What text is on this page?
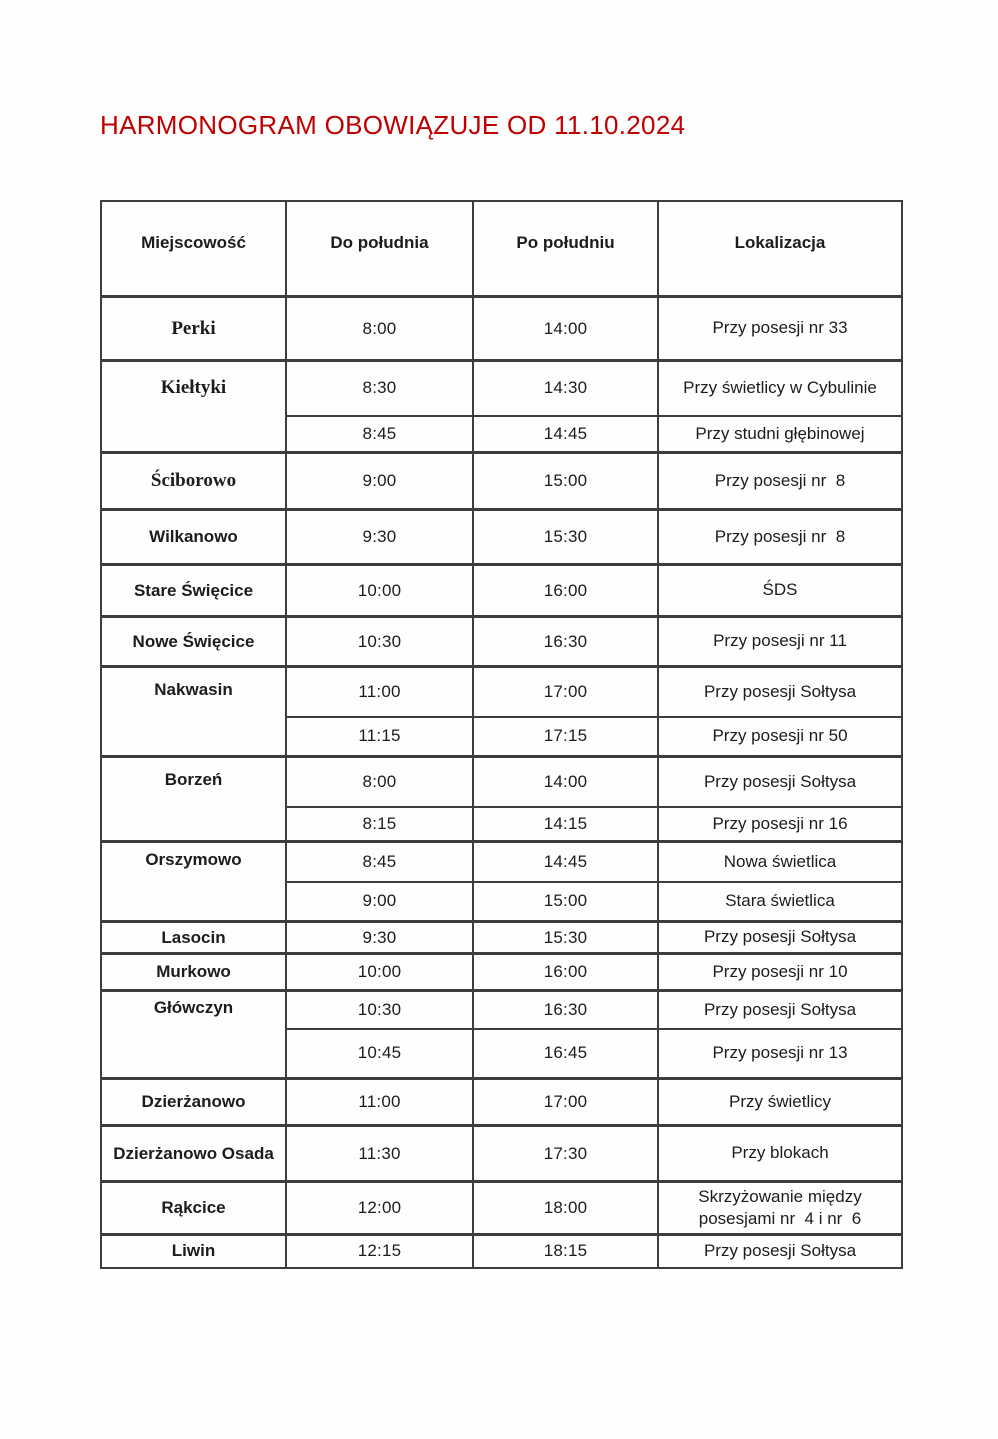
HARMONOGRAM OBOWIĄZUJE OD 11.10.2024
Miejscowość	Do południa	Po południu	Lokalizacja
Perki	8:00	14:00	Przy posesji nr 33
Kiełtyki	8:30	14:30	Przy świetlicy w Cybulinie
	8:45	14:45	Przy studni głębinowej
Ściborowo	9:00	15:00	Przy posesji nr  8
Wilkanowo	9:30	15:30	Przy posesji nr  8
Stare Święcice	10:00	16:00	ŚDS
Nowe Święcice	10:30	16:30	Przy posesji nr 11
Nakwasin	11:00	17:00	Przy posesji Sołtysa
	11:15	17:15	Przy posesji nr 50
Borzeń	8:00	14:00	Przy posesji Sołtysa
	8:15	14:15	Przy posesji nr 16
Orszymowo	8:45	14:45	Nowa świetlica
	9:00	15:00	Stara świetlica
Lasocin	9:30	15:30	Przy posesji Sołtysa
Murkowo	10:00	16:00	Przy posesji nr 10
Główczyn	10:30	16:30	Przy posesji Sołtysa
	10:45	16:45	Przy posesji nr 13
Dzierżanowo	11:00	17:00	Przy świetlicy
Dzierżanowo Osada	11:30	17:30	Przy blokach
Rąkcice	12:00	18:00	Skrzyżowanie między posesjami nr  4 i nr  6
Liwin	12:15	18:15	Przy posesji Sołtysa
